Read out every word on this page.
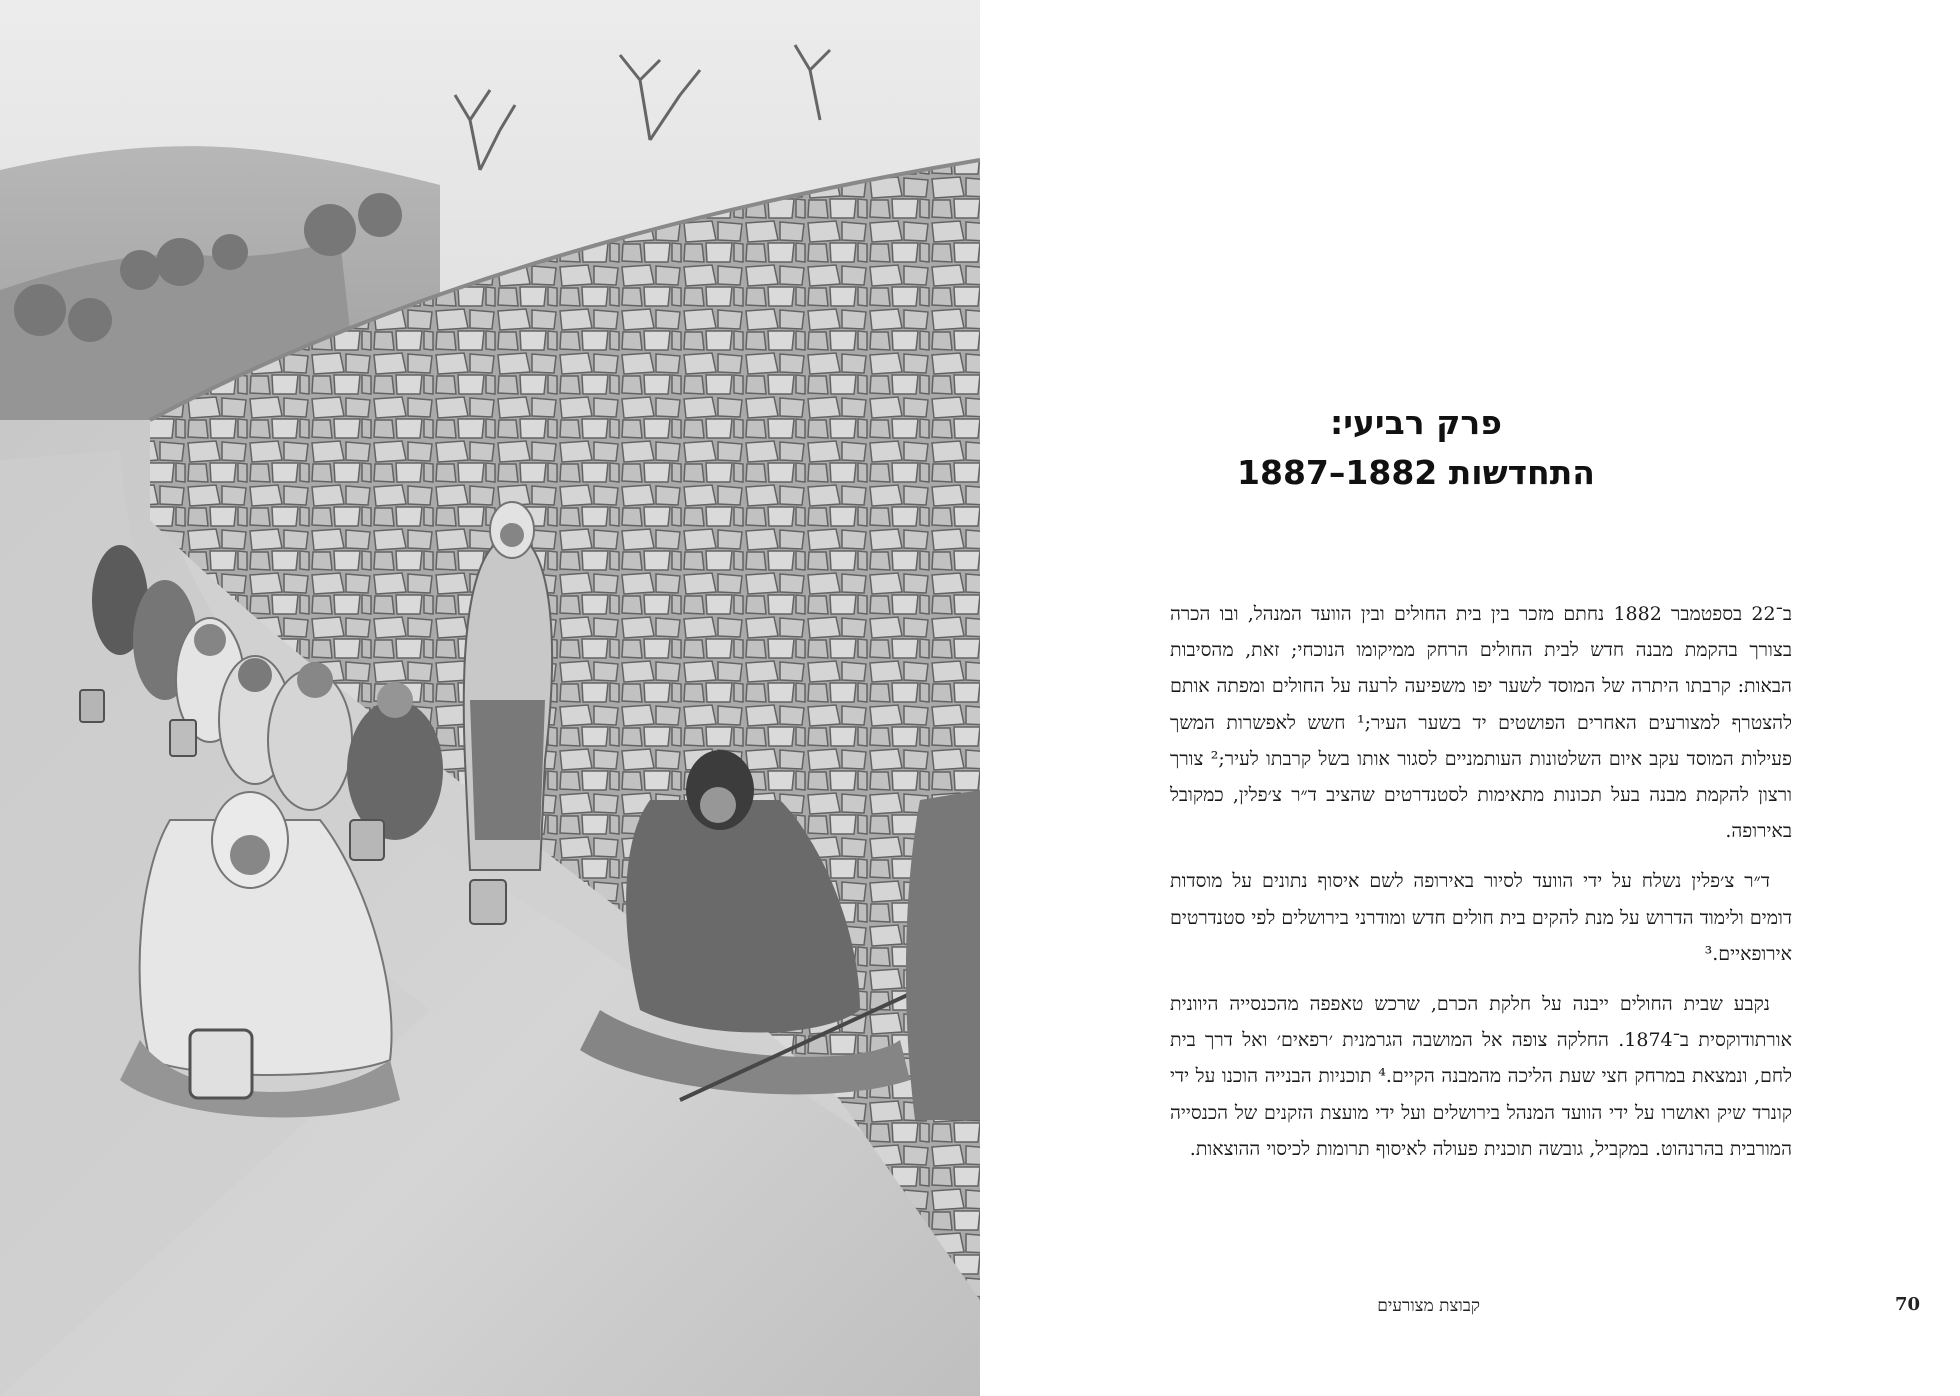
פרק רביעי:
התחדשות 1882–1887

ב־22 בספטמבר 1882 נחתם מזכר בין בית החולים ובין הוועד המנהל, ובו הכרה בצורך בהקמת מבנה חדש לבית החולים הרחק ממיקומו הנוכחי; זאת, מהסיבות הבאות: קרבתו היתרה של המוסד לשער יפו משפיעה לרעה על החולים ומפתה אותם להצטרף למצורעים האחרים הפושטים יד בשער העיר;¹ חשש לאפשרות המשך פעילות המוסד עקב איום השלטונות העותמניים לסגור אותו בשל קרבתו לעיר;² צורך ורצון להקמת מבנה בעל תכונות מתאימות לסטנדרטים שהציב ד״ר צ׳פלין, כמקובל באירופה.

ד״ר צ׳פלין נשלח על ידי הוועד לסיור באירופה לשם איסוף נתונים על מוסדות דומים ולימוד הדרוש על מנת להקים בית חולים חדש ומודרני בירושלים לפי סטנדרטים אירופאיים.³

נקבע שבית החולים ייבנה על חלקת הכרם, שרכש טאפפה מהכנסייה היוונית אורתודוקסית ב־1874. החלקה צופה אל המושבה הגרמנית ׳רפאים׳ ואל דרך בית לחם, ונמצאת במרחק חצי שעת הליכה מהמבנה הקיים.⁴ תוכניות הבנייה הוכנו על ידי קונרד שיק ואושרו על ידי הוועד המנהל בירושלים ועל ידי מועצת הזקנים של הכנסייה המורבית בהרנהוט. במקביל, גובשה תוכנית פעולה לאיסוף תרומות לכיסוי ההוצאות.

קבוצת מצורעים	70
